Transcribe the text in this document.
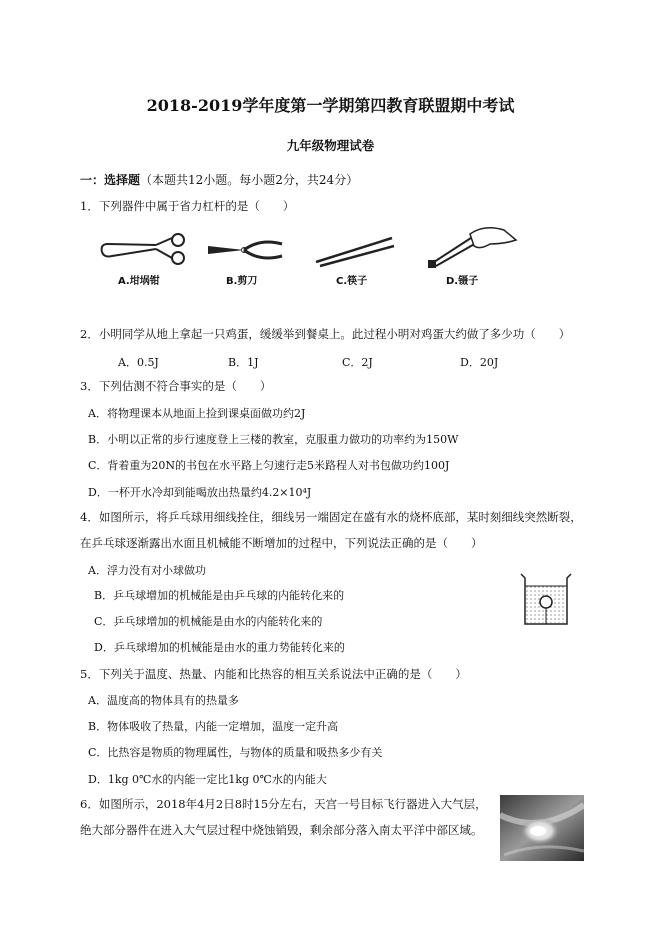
2018-2019学年度第一学期第四教育联盟期中考试
九年级物理试卷
一：选择题（本题共12小题。每小题2分，共24分）
1．下列器件中属于省力杠杆的是（　　）
A.坩埚钳	B.剪刀	C.筷子	D.镊子
2．小明同学从地上拿起一只鸡蛋，缓缓举到餐桌上。此过程小明对鸡蛋大约做了多少功（　　）
A．0.5J	B．1J	C．2J	D．20J
3．下列估测不符合事实的是（　　）
A．将物理课本从地面上捡到课桌面做功约2J
B．小明以正常的步行速度登上三楼的教室，克服重力做功的功率约为150W
C．背着重为20N的书包在水平路上匀速行走5米路程人对书包做功约100J
D．一杯开水冷却到能喝放出热量约4.2×10⁴J
4．如图所示，将乒乓球用细线拴住，细线另一端固定在盛有水的烧杯底部，某时刻细线突然断裂，
在乒乓球逐渐露出水面且机械能不断增加的过程中，下列说法正确的是（　　）
A．浮力没有对小球做功
B．乒乓球增加的机械能是由乒乓球的内能转化来的
C．乒乓球增加的机械能是由水的内能转化来的
D．乒乓球增加的机械能是由水的重力势能转化来的
5．下列关于温度、热量、内能和比热容的相互关系说法中正确的是（　　）
A．温度高的物体具有的热量多
B．物体吸收了热量，内能一定增加，温度一定升高
C．比热容是物质的物理属性，与物体的质量和吸热多少有关
D．1kg 0℃水的内能一定比1kg 0℃水的内能大
6．如图所示，2018年4月2日8时15分左右，天宫一号目标飞行器进入大气层，
绝大部分器件在进入大气层过程中烧蚀销毁，剩余部分落入南太平洋中部区域。
